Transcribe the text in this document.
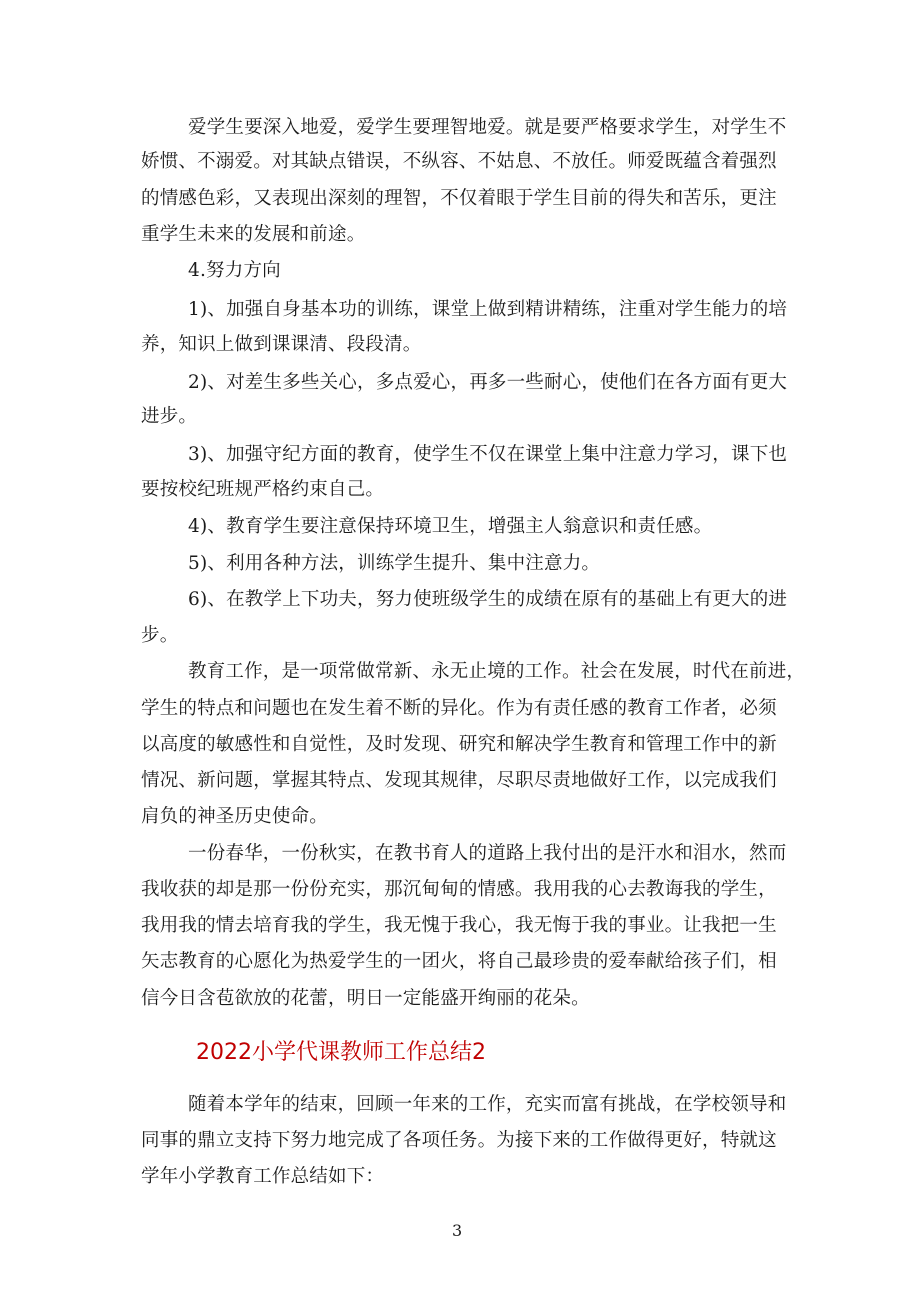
爱学生要深入地爱，爱学生要理智地爱。就是要严格要求学生，对学生不
娇惯、不溺爱。对其缺点错误，不纵容、不姑息、不放任。师爱既蕴含着强烈
的情感色彩，又表现出深刻的理智，不仅着眼于学生目前的得失和苦乐，更注
重学生未来的发展和前途。
4.努力方向
1)、加强自身基本功的训练，课堂上做到精讲精练，注重对学生能力的培
养，知识上做到课课清、段段清。
2)、对差生多些关心，多点爱心，再多一些耐心，使他们在各方面有更大
进步。
3)、加强守纪方面的教育，使学生不仅在课堂上集中注意力学习，课下也
要按校纪班规严格约束自己。
4)、教育学生要注意保持环境卫生，增强主人翁意识和责任感。
5)、利用各种方法，训练学生提升、集中注意力。
6)、在教学上下功夫，努力使班级学生的成绩在原有的基础上有更大的进
步。
教育工作，是一项常做常新、永无止境的工作。社会在发展，时代在前进，
学生的特点和问题也在发生着不断的异化。作为有责任感的教育工作者，必须
以高度的敏感性和自觉性，及时发现、研究和解决学生教育和管理工作中的新
情况、新问题，掌握其特点、发现其规律，尽职尽责地做好工作，以完成我们
肩负的神圣历史使命。
一份春华，一份秋实，在教书育人的道路上我付出的是汗水和泪水，然而
我收获的却是那一份份充实，那沉甸甸的情感。我用我的心去教诲我的学生，
我用我的情去培育我的学生，我无愧于我心，我无悔于我的事业。让我把一生
矢志教育的心愿化为热爱学生的一团火，将自己最珍贵的爱奉献给孩子们，相
信今日含苞欲放的花蕾，明日一定能盛开绚丽的花朵。
2022小学代课教师工作总结2
随着本学年的结束，回顾一年来的工作，充实而富有挑战，在学校领导和
同事的鼎立支持下努力地完成了各项任务。为接下来的工作做得更好，特就这
学年小学教育工作总结如下：
3
